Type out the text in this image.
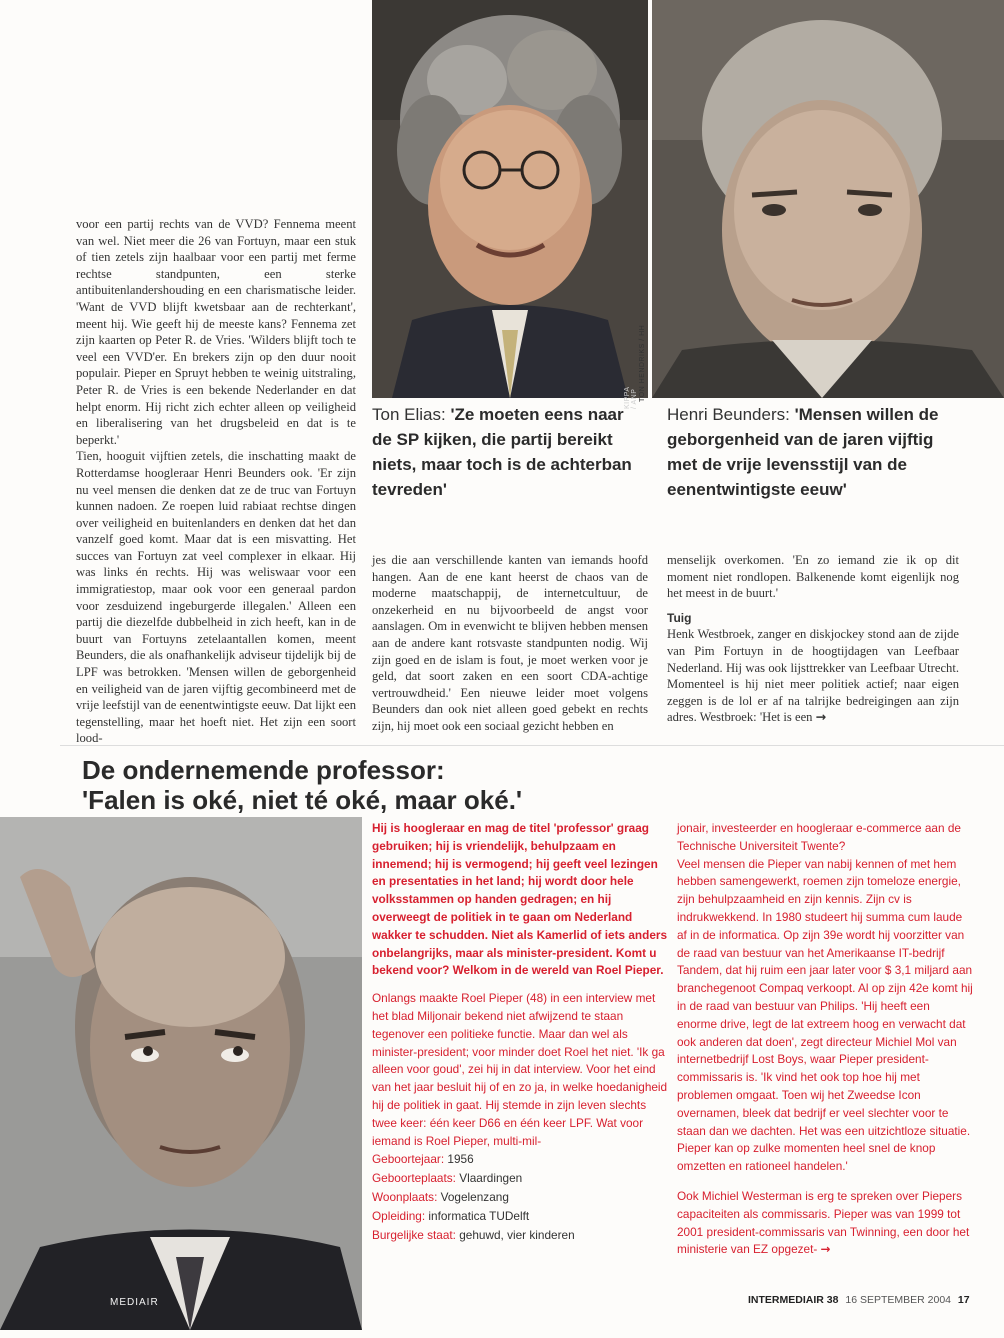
KIPPA / ANP TON HENDRIKS / HH

voor een partij rechts van de VVD? Fennema meent van wel. Niet meer die 26 van Fortuyn, maar een stuk of tien zetels zijn haalbaar voor een partij met ferme rechtse standpunten, een sterke antibuitenlandershouding en een charismatische leider. 'Want de VVD blijft kwetsbaar aan de rechterkant', meent hij. Wie geeft hij de meeste kans? Fennema zet zijn kaarten op Peter R. de Vries. 'Wilders blijft toch te veel een VVD'er. En brekers zijn op den duur nooit populair. Pieper en Spruyt hebben te weinig uitstraling, Peter R. de Vries is een bekende Nederlander en dat helpt enorm. Hij richt zich echter alleen op veiligheid en liberalisering van het drugsbeleid en dat is te beperkt.'

Tien, hooguit vijftien zetels, die inschatting maakt de Rotterdamse hoogleraar Henri Beunders ook. 'Er zijn nu veel mensen die denken dat ze de truc van Fortuyn kunnen nadoen. Ze roepen luid rabiaat rechtse dingen over veiligheid en buitenlanders en denken dat het dan vanzelf goed komt. Maar dat is een misvatting. Het succes van Fortuyn zat veel complexer in elkaar. Hij was links én rechts. Hij was weliswaar voor een immigratiestop, maar ook voor een generaal pardon voor zesduizend ingeburgerde illegalen.' Alleen een partij die diezelfde dubbelheid in zich heeft, kan in de buurt van Fortuyns zetelaantallen komen, meent Beunders, die als onafhankelijk adviseur tijdelijk bij de LPF was betrokken. 'Mensen willen de geborgenheid en veiligheid van de jaren vijftig gecombineerd met de vrije leefstijl van de eenentwintigste eeuw. Dat lijkt een tegenstelling, maar het hoeft niet. Het zijn een soort lood-

Ton Elias: 'Ze moeten eens naar de SP kijken, die partij bereikt niets, maar toch is de achterban tevreden'
Henri Beunders: 'Mensen willen de geborgenheid van de jaren vijftig met de vrije levensstijl van de eenentwintigste eeuw'

jes die aan verschillende kanten van iemands hoofd hangen. Aan de ene kant heerst de chaos van de moderne maatschappij, de internetcultuur, de onzekerheid en nu bijvoorbeeld de angst voor aanslagen. Om in evenwicht te blijven hebben mensen aan de andere kant rotsvaste standpunten nodig. Wij zijn goed en de islam is fout, je moet werken voor je geld, dat soort zaken en een soort CDA-achtige vertrouwdheid.' Een nieuwe leider moet volgens Beunders dan ook niet alleen goed gebekt en rechts zijn, hij moet ook een sociaal gezicht hebben en

menselijk overkomen. 'En zo iemand zie ik op dit moment niet rondlopen. Balkenende komt eigenlijk nog het meest in de buurt.'

Tuig

Henk Westbroek, zanger en diskjockey stond aan de zijde van Pim Fortuyn in de hoogtijdagen van Leefbaar Nederland. Hij was ook lijsttrekker van Leefbaar Utrecht. Momenteel is hij niet meer politiek actief; naar eigen zeggen is de lol er af na talrijke bedreigingen aan zijn adres. Westbroek: 'Het is een →

De ondernemende professor:
'Falen is oké, niet té oké, maar oké.'
MEDIAIR

Hij is hoogleraar en mag de titel 'professor' graag gebruiken; hij is vriendelijk, behulpzaam en innemend; hij is vermogend; hij geeft veel lezingen en presentaties in het land; hij wordt door hele volksstammen op handen gedragen; en hij overweegt de politiek in te gaan om Nederland wakker te schudden. Niet als Kamerlid of iets anders onbelangrijks, maar als minister-president. Komt u bekend voor? Welkom in de wereld van Roel Pieper.

Onlangs maakte Roel Pieper (48) in een interview met het blad Miljonair bekend niet afwijzend te staan tegenover een politieke functie. Maar dan wel als minister-president; voor minder doet Roel het niet. 'Ik ga alleen voor goud', zei hij in dat interview. Voor het eind van het jaar besluit hij of en zo ja, in welke hoedanigheid hij de politiek in gaat. Hij stemde in zijn leven slechts twee keer: één keer D66 en één keer LPF. Wat voor iemand is Roel Pieper, multi-mil-

Geboortejaar: 1956
Geboorteplaats: Vlaardingen
Woonplaats: Vogelenzang
Opleiding: informatica TUDelft
Burgelijke staat: gehuwd, vier kinderen

jonair, investeerder en hoogleraar e-commerce aan de Technische Universiteit Twente?

Veel mensen die Pieper van nabij kennen of met hem hebben samengewerkt, roemen zijn tomeloze energie, zijn behulpzaamheid en zijn kennis. Zijn cv is indrukwekkend. In 1980 studeert hij summa cum laude af in de informatica. Op zijn 39e wordt hij voorzitter van de raad van bestuur van het Amerikaanse IT-bedrijf Tandem, dat hij ruim een jaar later voor $ 3,1 miljard aan branchegenoot Compaq verkoopt. Al op zijn 42e komt hij in de raad van bestuur van Philips. 'Hij heeft een enorme drive, legt de lat extreem hoog en verwacht dat ook anderen dat doen', zegt directeur Michiel Mol van internetbedrijf Lost Boys, waar Pieper president-commissaris is. 'Ik vind het ook top hoe hij met problemen omgaat. Toen wij het Zweedse Icon overnamen, bleek dat bedrijf er veel slechter voor te staan dan we dachten. Het was een uitzichtloze situatie. Pieper kan op zulke momenten heel snel de knop omzetten en rationeel handelen.'

Ook Michiel Westerman is erg te spreken over Piepers capaciteiten als commissaris. Pieper was van 1999 tot 2001 president-commissaris van Twinning, een door het ministerie van EZ opgezet- →

INTERMEDIAIR 38 16 SEPTEMBER 2004 17
